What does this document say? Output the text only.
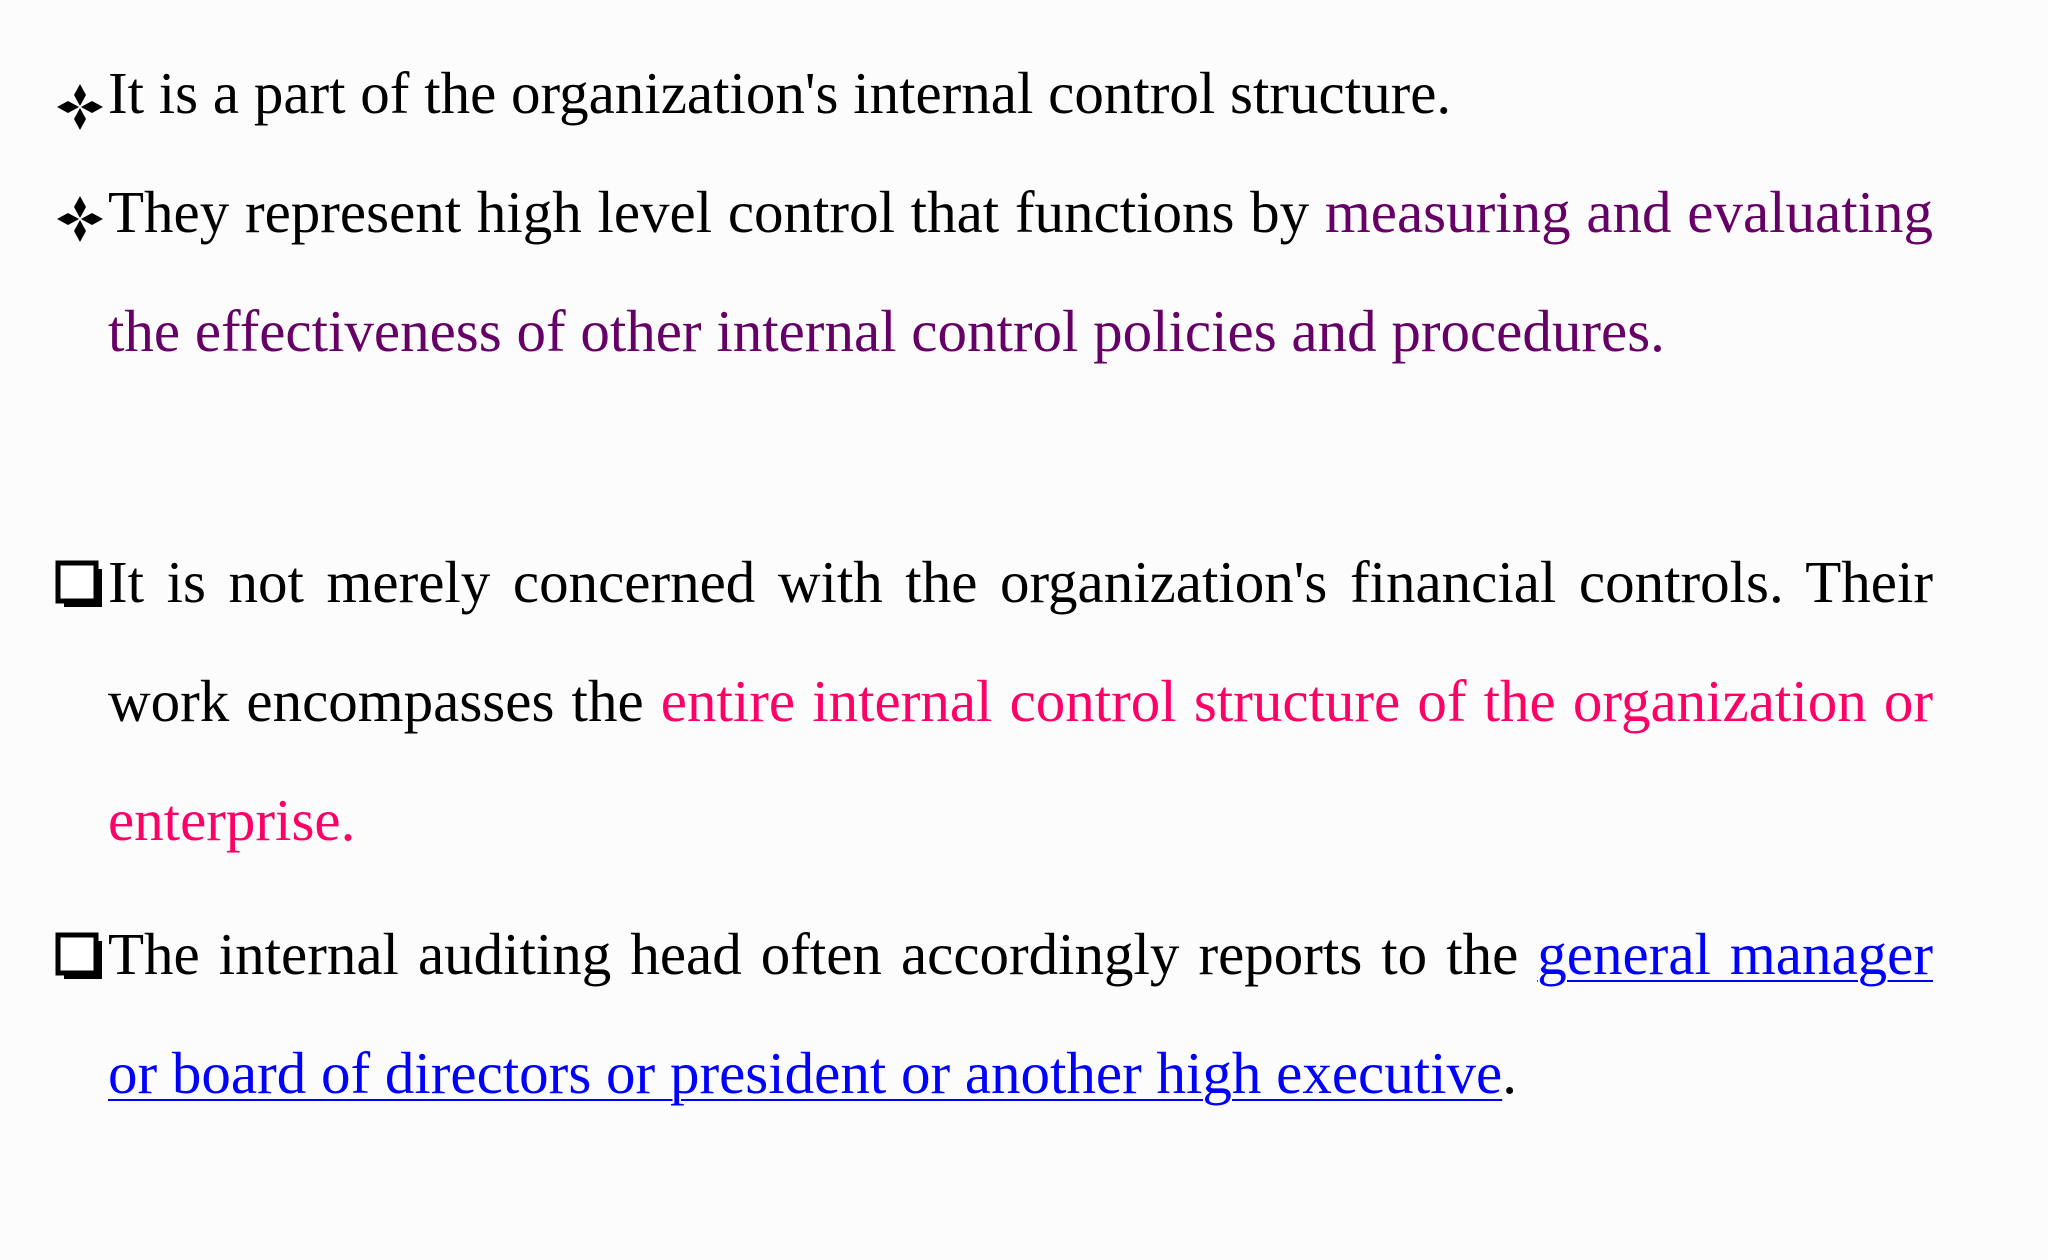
It is a part of the organization's internal control structure.
They represent high level control that functions by measuring and evaluating the effectiveness of other internal control policies and procedures.
It is not merely concerned with the organization's financial controls. Their work encompasses the entire internal control structure of the organization or enterprise.
The internal auditing head often accordingly reports to the general manager or board of directors or president or another high executive.
